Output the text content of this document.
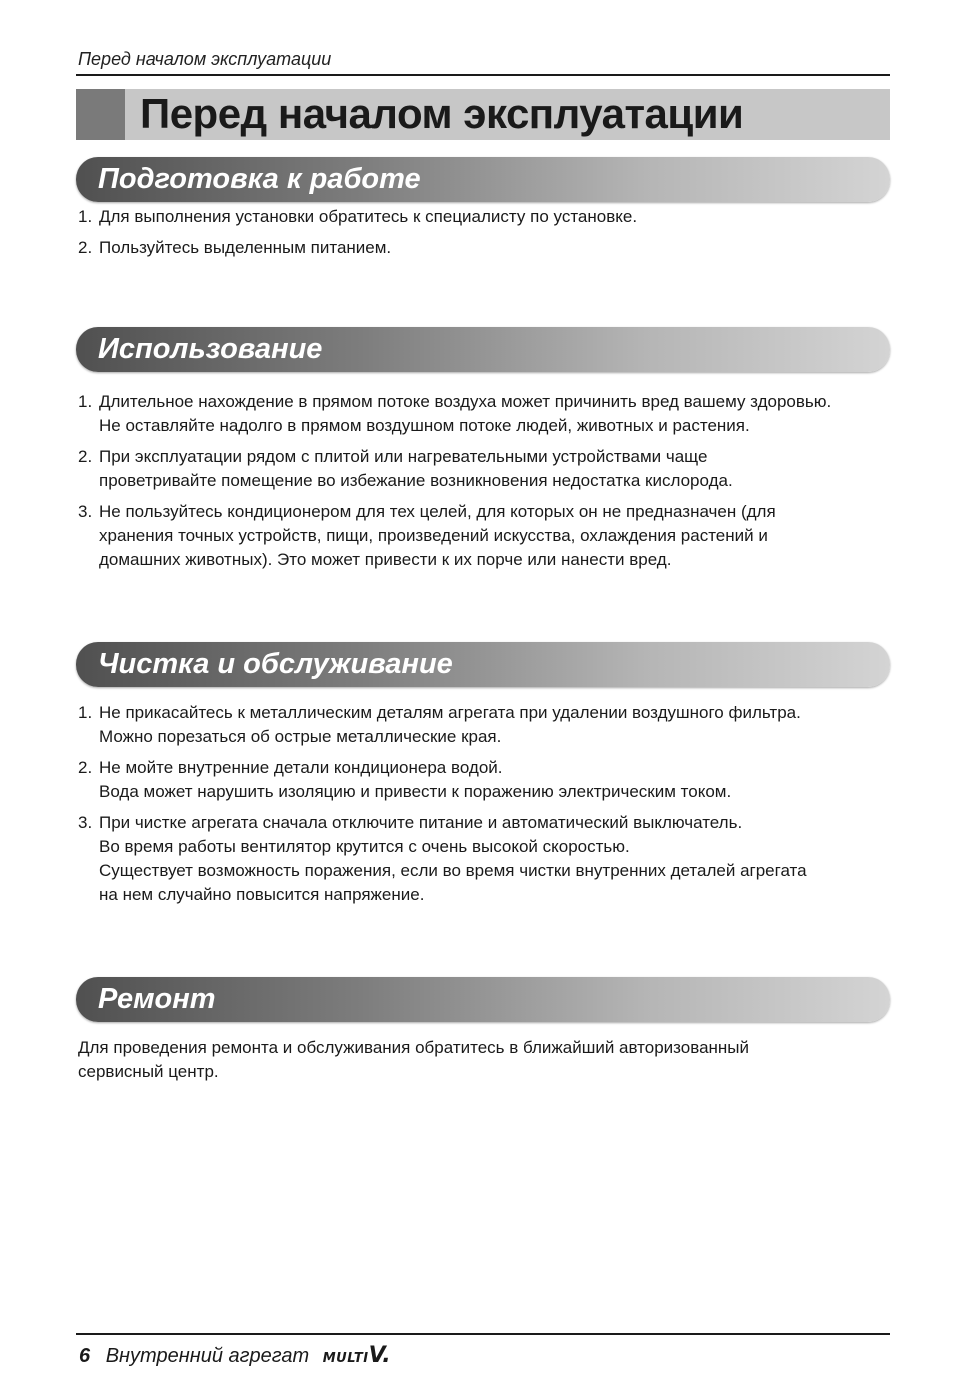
Перед началом эксплуатации
Перед началом эксплуатации
Подготовка к работе
1. Для выполнения установки обратитесь к специалисту по установке.
2. Пользуйтесь выделенным питанием.
Использование
1. Длительное нахождение в прямом потоке воздуха может причинить вред вашему здоровью.
Не оставляйте надолго в прямом воздушном потоке людей, животных и растения.
2. При эксплуатации рядом с плитой или нагревательными устройствами чаще
проветривайте помещение во избежание возникновения недостатка кислорода.
3. Не пользуйтесь кондиционером для тех целей, для которых он не предназначен (для
хранения точных устройств, пищи, произведений искусства, охлаждения растений и
домашних животных). Это может привести к их порче или нанести вред.
Чистка и обслуживание
1. Не прикасайтесь к металлическим деталям агрегата при удалении воздушного фильтра.
Можно порезаться об острые металлические края.
2. Не мойте внутренние детали кондиционера водой.
Вода может нарушить изоляцию и привести к поражению электрическим током.
3. При чистке агрегата сначала отключите питание и автоматический выключатель.
Во время работы вентилятор крутится с очень высокой скоростью.
Существует возможность поражения, если во время чистки внутренних деталей агрегата
на нем случайно повысится напряжение.
Ремонт
Для проведения ремонта и обслуживания обратитесь в ближайший авторизованный
сервисный центр.
6 Внутренний агрегат MULTIV.
